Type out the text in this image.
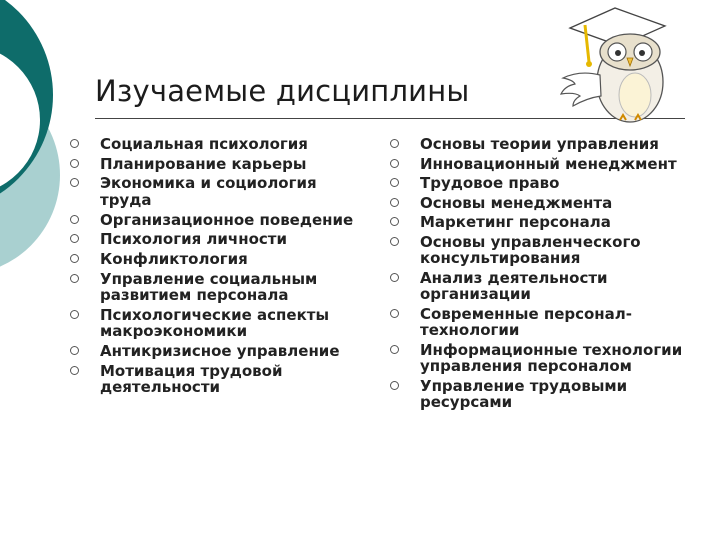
Изучаемые дисциплины
Социальная психология
Планирование карьеры
Экономика и социология труда
Организационное поведение
Психология личности
Конфликтология
Управление социальным развитием персонала
Психологические аспекты макроэкономики
Антикризисное управление
Мотивация трудовой деятельности
Основы теории управления
Инновационный менеджмент
Трудовое право
Основы менеджмента
Маркетинг персонала
Основы управленческого консультирования
Анализ деятельности организации
Современные персонал-технологии
Информационные технологии управления персоналом
Управление трудовыми ресурсами
